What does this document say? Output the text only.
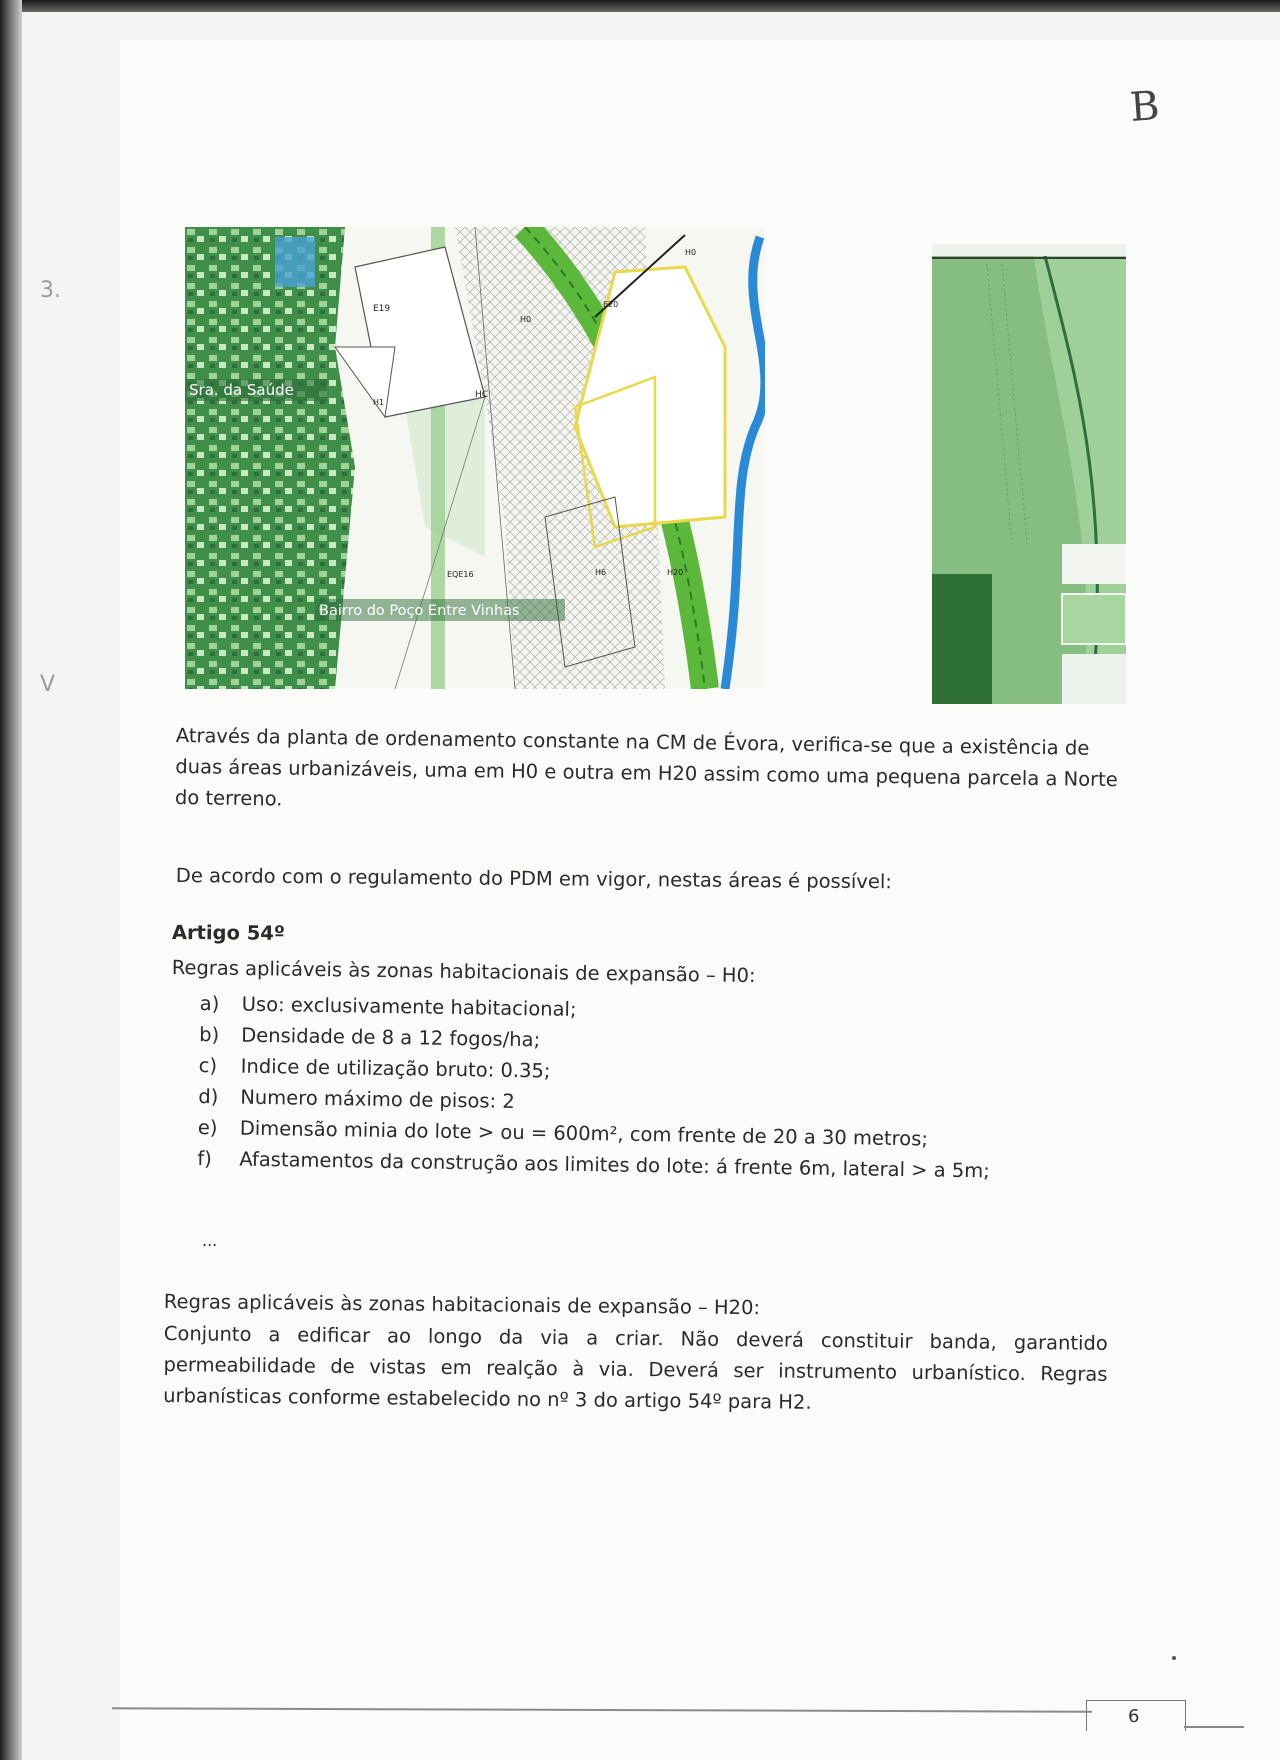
B
E19
H0
H0
H1
HC
E20
EQE16	H6	H20
Sra. da Saúde
Bairro do Poço Entre Vinhas
3.
V
Através da planta de ordenamento constante na CM de Évora, verifica-se que a existência de duas áreas urbanizáveis, uma em H0 e outra em H20 assim como uma pequena parcela a Norte do terreno.
De acordo com o regulamento do PDM em vigor, nestas áreas é possível:
Artigo 54º
Regras aplicáveis às zonas habitacionais de expansão – H0:
a) Uso: exclusivamente habitacional;
b) Densidade de 8 a 12 fogos/ha;
c) Indice de utilização bruto: 0.35;
d) Numero máximo de pisos: 2
e) Dimensão minia do lote > ou = 600m², com frente de 20 a 30 metros;
f) Afastamentos da construção aos limites do lote: á frente 6m, lateral > a 5m;
...
Regras aplicáveis às zonas habitacionais de expansão – H20:
Conjunto a edificar ao longo da via a criar. Não deverá constituir banda, garantido permeabilidade de vistas em realção à via. Deverá ser instrumento urbanístico. Regras urbanísticas conforme estabelecido no nº 3 do artigo 54º para H2.
6
